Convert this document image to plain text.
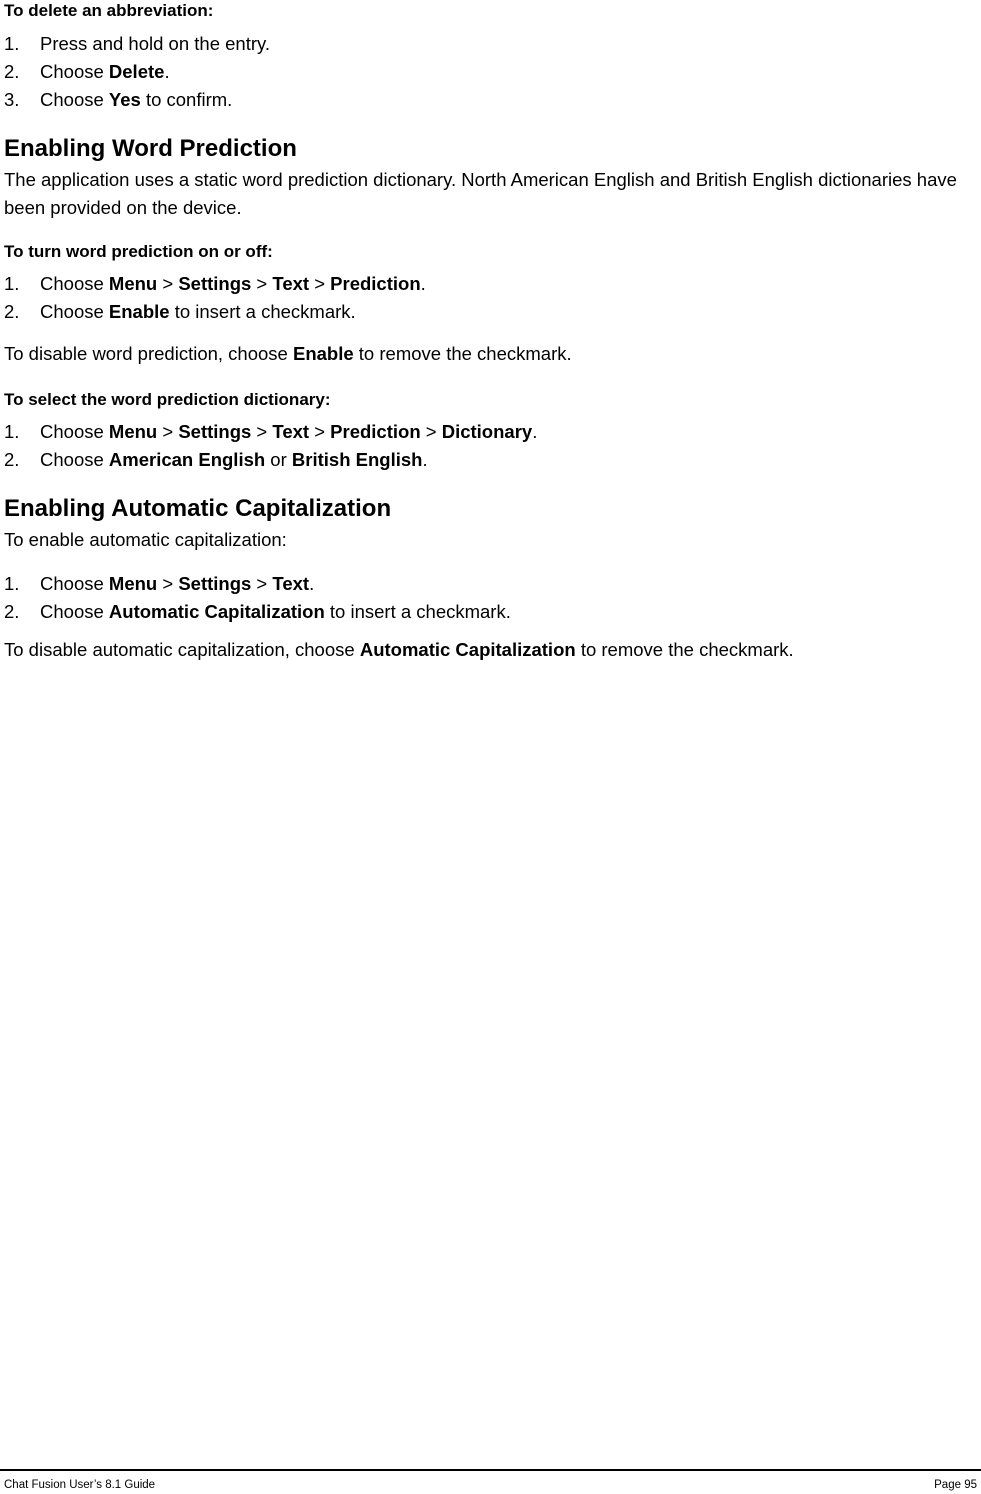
To delete an abbreviation:

1.	Press and hold on the entry.
2.	Choose Delete.
3.	Choose Yes to confirm.
Enabling Word Prediction

The application uses a static word prediction dictionary. North American English and British English dictionaries have been provided on the device.

To turn word prediction on or off:

1.	Choose Menu > Settings > Text > Prediction.
2.	Choose Enable to insert a checkmark.

To disable word prediction, choose Enable to remove the checkmark.

To select the word prediction dictionary:

1.	Choose Menu > Settings > Text > Prediction > Dictionary.
2.	Choose American English or British English.
Enabling Automatic Capitalization

To enable automatic capitalization:

1.	Choose Menu > Settings > Text.
2.	Choose Automatic Capitalization to insert a checkmark.

To disable automatic capitalization, choose Automatic Capitalization to remove the checkmark.

Chat Fusion User’s 8.1 Guide	Page 95
